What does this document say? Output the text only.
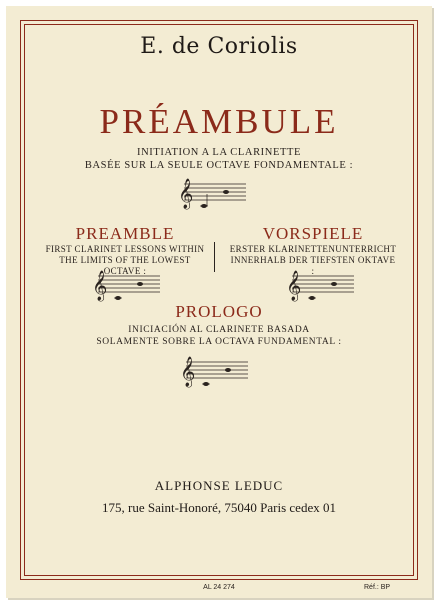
E. de Coriolis
PRÉAMBULE
INITIATION A LA CLARINETTE
BASÉE SUR LA SEULE OCTAVE FONDAMENTALE :
𝄞
PREAMBLE
FIRST CLARINET LESSONS WITHIN
THE LIMITS OF THE LOWEST OCTAVE :
VORSPIELE
ERSTER KLARINETTENUNTERRICHT
INNERHALB DER TIEFSTEN OKTAVE :
𝄞	𝄞
PROLOGO
INICIACIÓN AL CLARINETE BASADA
SOLAMENTE SOBRE LA OCTAVA FUNDAMENTAL :
𝄞
ALPHONSE LEDUC
175, rue Saint-Honoré, 75040 Paris cedex 01
AL 24 274	Réf.: BP
